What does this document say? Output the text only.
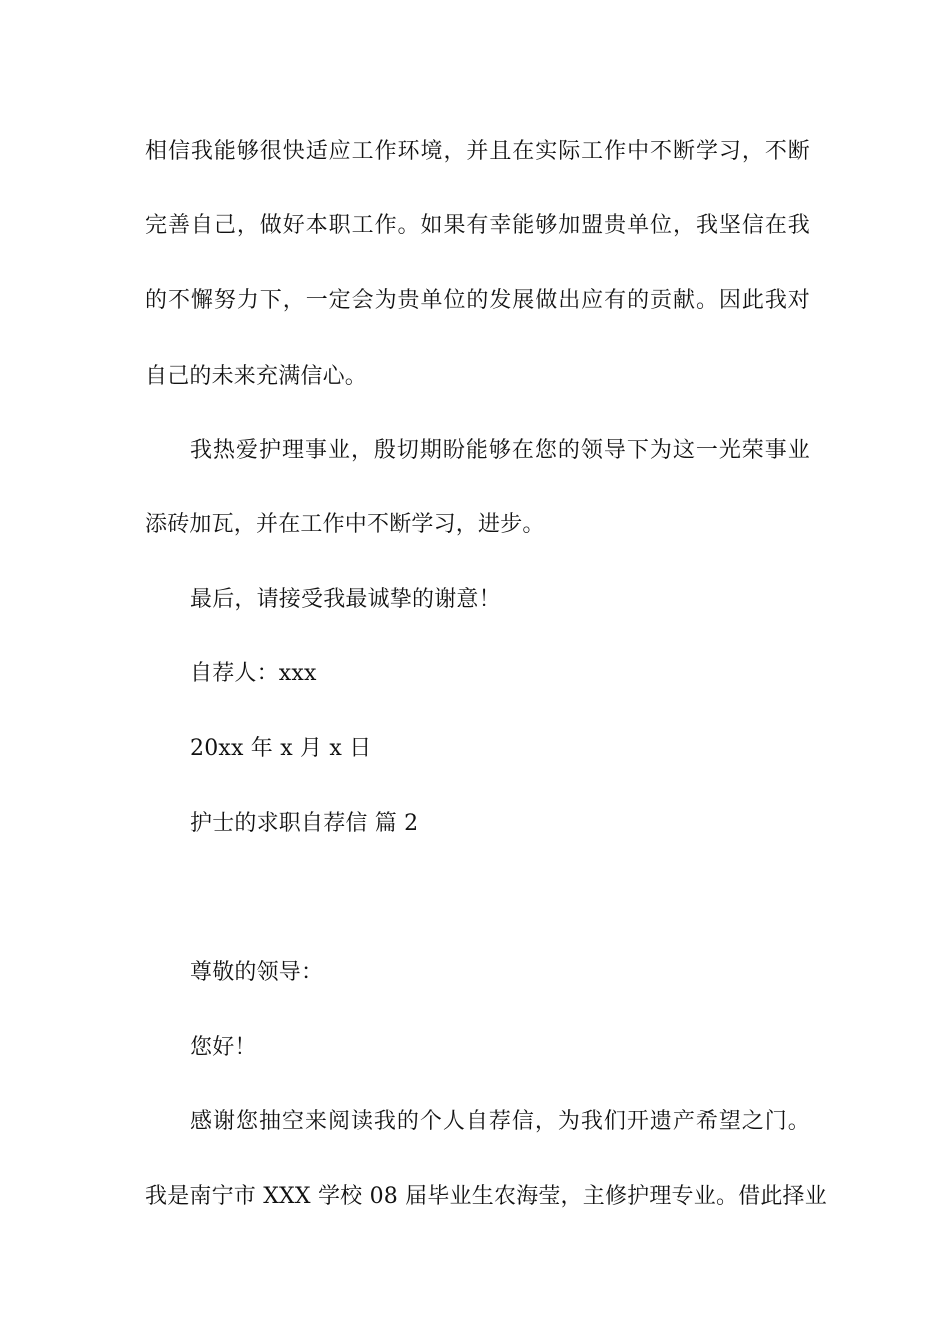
相信我能够很快适应工作环境，并且在实际工作中不断学习，不断
完善自己，做好本职工作。如果有幸能够加盟贵单位，我坚信在我
的不懈努力下，一定会为贵单位的发展做出应有的贡献。因此我对
自己的未来充满信心。
我热爱护理事业，殷切期盼能够在您的领导下为这一光荣事业
添砖加瓦，并在工作中不断学习，进步。
最后，请接受我最诚挚的谢意！
自荐人：xxx
20xx 年 x 月 x 日
护士的求职自荐信 篇 2
尊敬的领导：
您好！
感谢您抽空来阅读我的个人自荐信，为我们开遗产希望之门。
我是南宁市 XXX 学校 08 届毕业生农海莹，主修护理专业。借此择业
